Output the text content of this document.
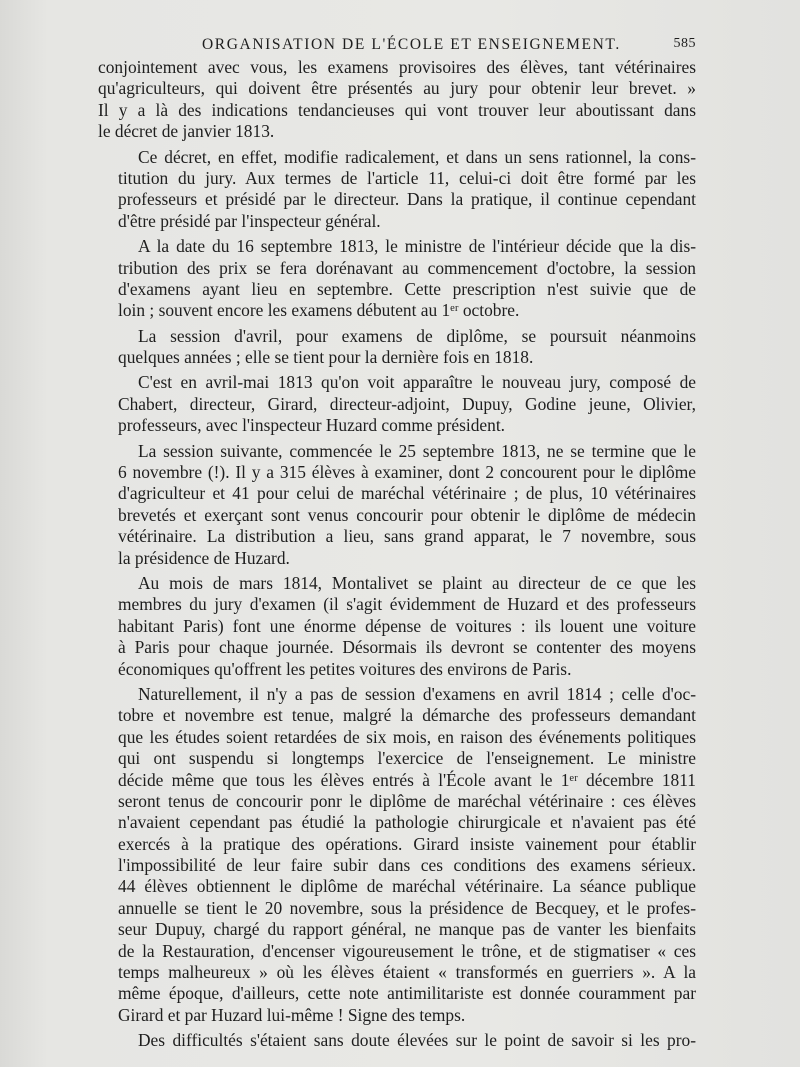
ORGANISATION DE L'ÉCOLE ET ENSEIGNEMENT.	585
conjointement avec vous, les examens provisoires des élèves, tant vétérinaires
qu'agriculteurs, qui doivent être présentés au jury pour obtenir leur brevet. »
Il y a là des indications tendancieuses qui vont trouver leur aboutissant dans
le décret de janvier 1813.
Ce décret, en effet, modifie radicalement, et dans un sens rationnel, la cons-
titution du jury. Aux termes de l'article 11, celui-ci doit être formé par les
professeurs et présidé par le directeur. Dans la pratique, il continue cependant
d'être présidé par l'inspecteur général.
A la date du 16 septembre 1813, le ministre de l'intérieur décide que la dis-
tribution des prix se fera dorénavant au commencement d'octobre, la session
d'examens ayant lieu en septembre. Cette prescription n'est suivie que de
loin ; souvent encore les examens débutent au 1ᵉʳ octobre.
La session d'avril, pour examens de diplôme, se poursuit néanmoins
quelques années ; elle se tient pour la dernière fois en 1818.
C'est en avril-mai 1813 qu'on voit apparaître le nouveau jury, composé de
Chabert, directeur, Girard, directeur-adjoint, Dupuy, Godine jeune, Olivier,
professeurs, avec l'inspecteur Huzard comme président.
La session suivante, commencée le 25 septembre 1813, ne se termine que le
6 novembre (!). Il y a 315 élèves à examiner, dont 2 concourent pour le diplôme
d'agriculteur et 41 pour celui de maréchal vétérinaire ; de plus, 10 vétérinaires
brevetés et exerçant sont venus concourir pour obtenir le diplôme de médecin
vétérinaire. La distribution a lieu, sans grand apparat, le 7 novembre, sous
la présidence de Huzard.
Au mois de mars 1814, Montalivet se plaint au directeur de ce que les
membres du jury d'examen (il s'agit évidemment de Huzard et des professeurs
habitant Paris) font une énorme dépense de voitures : ils louent une voiture
à Paris pour chaque journée. Désormais ils devront se contenter des moyens
économiques qu'offrent les petites voitures des environs de Paris.
Naturellement, il n'y a pas de session d'examens en avril 1814 ; celle d'oc-
tobre et novembre est tenue, malgré la démarche des professeurs demandant
que les études soient retardées de six mois, en raison des événements politiques
qui ont suspendu si longtemps l'exercice de l'enseignement. Le ministre
décide même que tous les élèves entrés à l'École avant le 1ᵉʳ décembre 1811
seront tenus de concourir ponr le diplôme de maréchal vétérinaire : ces élèves
n'avaient cependant pas étudié la pathologie chirurgicale et n'avaient pas été
exercés à la pratique des opérations. Girard insiste vainement pour établir
l'impossibilité de leur faire subir dans ces conditions des examens sérieux.
44 élèves obtiennent le diplôme de maréchal vétérinaire. La séance publique
annuelle se tient le 20 novembre, sous la présidence de Becquey, et le profes-
seur Dupuy, chargé du rapport général, ne manque pas de vanter les bienfaits
de la Restauration, d'encenser vigoureusement le trône, et de stigmatiser « ces
temps malheureux » où les élèves étaient « transformés en guerriers ». A la
même époque, d'ailleurs, cette note antimilitariste est donnée couramment par
Girard et par Huzard lui-même ! Signe des temps.
Des difficultés s'étaient sans doute élevées sur le point de savoir si les pro-
